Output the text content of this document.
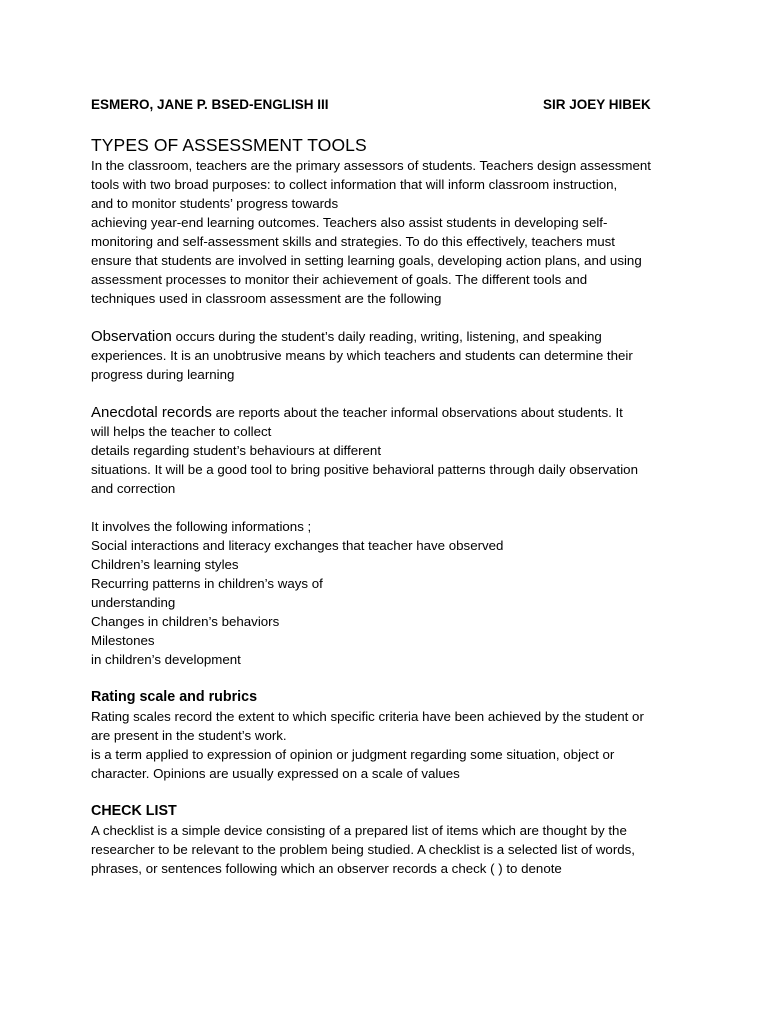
ESMERO, JANE P. BSED-ENGLISH III	SIR JOEY HIBEK
TYPES OF ASSESSMENT TOOLS

In the classroom, teachers are the primary assessors of students. Teachers design assessment

tools with two broad purposes: to collect information that will inform classroom instruction,

and to monitor students’ progress towards

achieving year-end learning outcomes. Teachers also assist students in developing self-

monitoring and self-assessment skills and strategies. To do this effectively, teachers must

ensure that students are involved in setting learning goals, developing action plans, and using

assessment processes to monitor their achievement of goals. The different tools and

techniques used in classroom assessment are the following

Observation occurs during the student’s daily reading, writing, listening, and speaking

experiences. It is an unobtrusive means by which teachers and students can determine their

progress during learning

Anecdotal records are reports about the teacher informal observations about students. It

will helps the teacher to collect

details regarding student’s behaviours at different

situations. It will be a good tool to bring positive behavioral patterns through daily observation

and correction

It involves the following informations ;

Social interactions and literacy exchanges that teacher have observed

Children’s learning styles

Recurring patterns in children’s ways of

understanding

Changes in children’s behaviors

Milestones

in children’s development

Rating scale and rubrics

Rating scales record the extent to which specific criteria have been achieved by the student or

are present in the student’s work.

is a term applied to expression of opinion or judgment regarding some situation, object or

character. Opinions are usually expressed on a scale of values

CHECK LIST

A checklist is a simple device consisting of a prepared list of items which are thought by the

researcher to be relevant to the problem being studied. A checklist is a selected list of words,

phrases, or sentences following which an observer records a check ( ) to denote
